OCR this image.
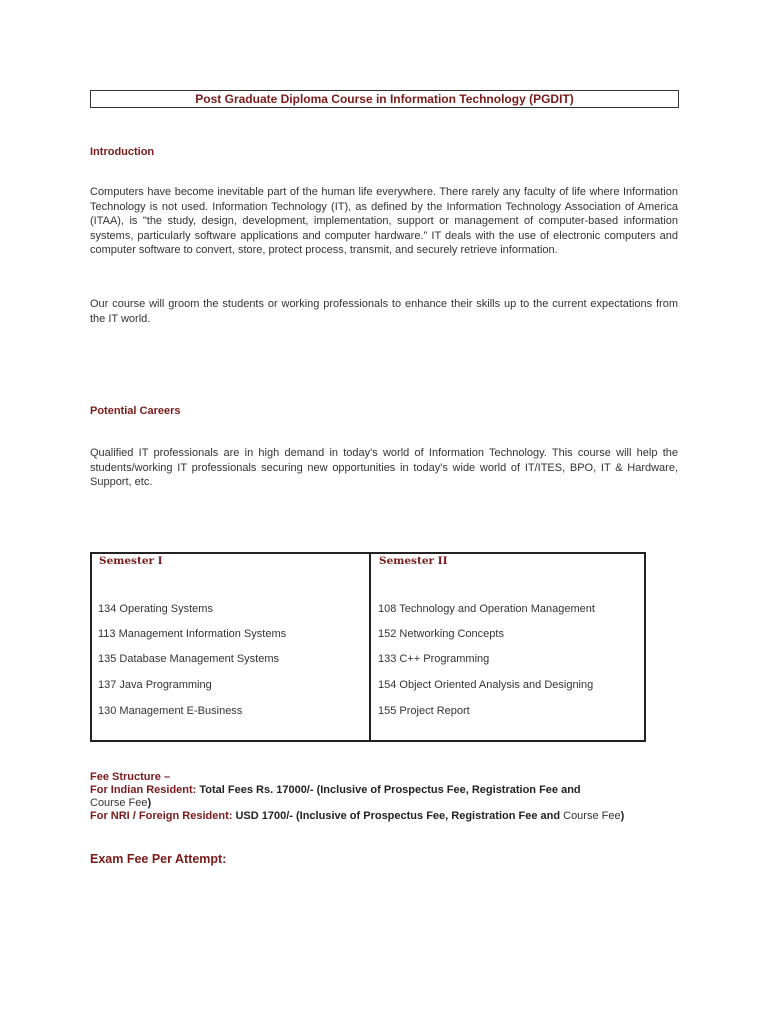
Post Graduate Diploma Course in Information Technology (PGDIT)
Introduction
Computers have become inevitable part of the human life everywhere. There rarely any faculty of life where Information Technology is not used. Information Technology (IT), as defined by the Information Technology Association of America (ITAA), is "the study, design, development, implementation, support or management of computer-based information systems, particularly software applications and computer hardware." IT deals with the use of electronic computers and computer software to convert, store, protect process, transmit, and securely retrieve information.
Our course will groom the students or working professionals to enhance their skills up to the current expectations from the IT world.
Potential Careers
Qualified IT professionals are in high demand in today's world of Information Technology. This course will help the students/working IT professionals securing new opportunities in today's wide world of IT/ITES, BPO, IT & Hardware, Support, etc.
Semester I
134 Operating Systems
113 Management Information Systems
135 Database Management Systems
137 Java Programming
130 Management E-Business
Semester II
108 Technology and Operation Management
152 Networking Concepts
133 C++ Programming
154 Object Oriented Analysis and Designing
155 Project Report
Fee Structure –
For Indian Resident: Total Fees Rs. 17000/- (Inclusive of Prospectus Fee, Registration Fee and
Course Fee)
For NRI / Foreign Resident: USD 1700/- (Inclusive of Prospectus Fee, Registration Fee and Course Fee)
Exam Fee Per Attempt:
